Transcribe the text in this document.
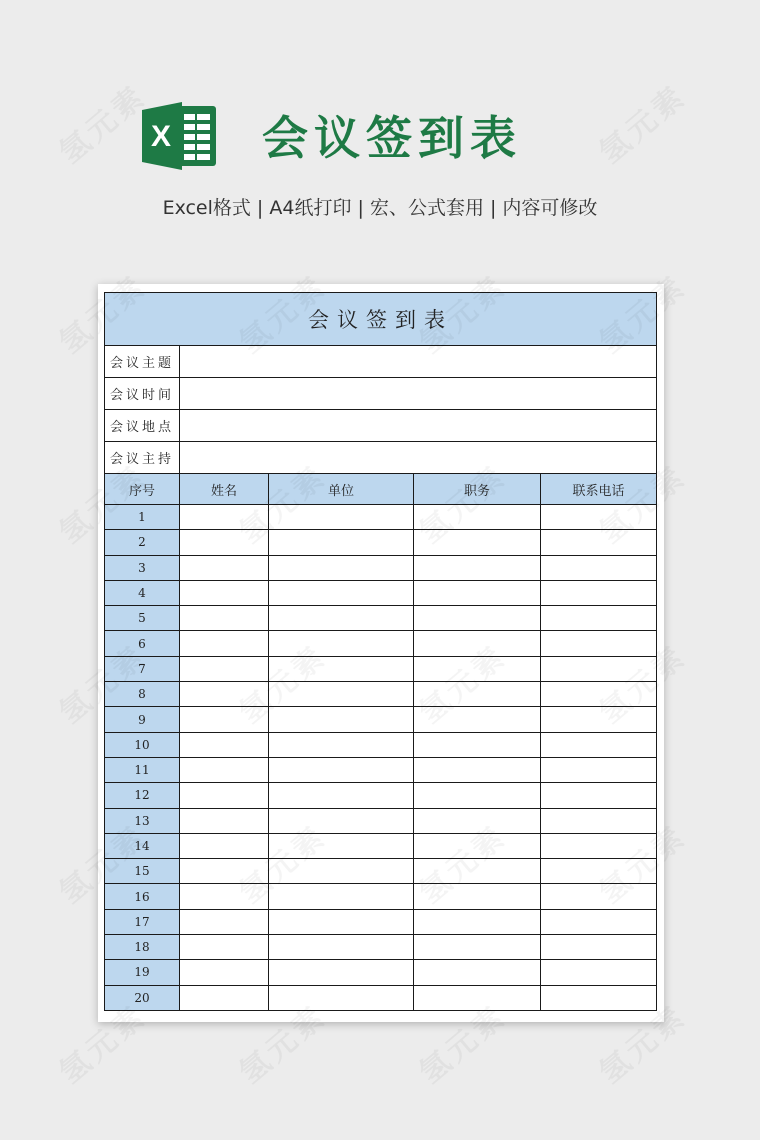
X 会议签到表
Excel格式 | A4纸打印 | 宏、公式套用 | 内容可修改
会议签到表				
会议主题				
会议时间				
会议地点				
会议主持				
序号	姓名	单位	职务	联系电话
1				
2				
3				
4				
5				
6				
7				
8				
9				
10				
11				
12				
13				
14				
15				
16				
17				
18				
19				
20				
